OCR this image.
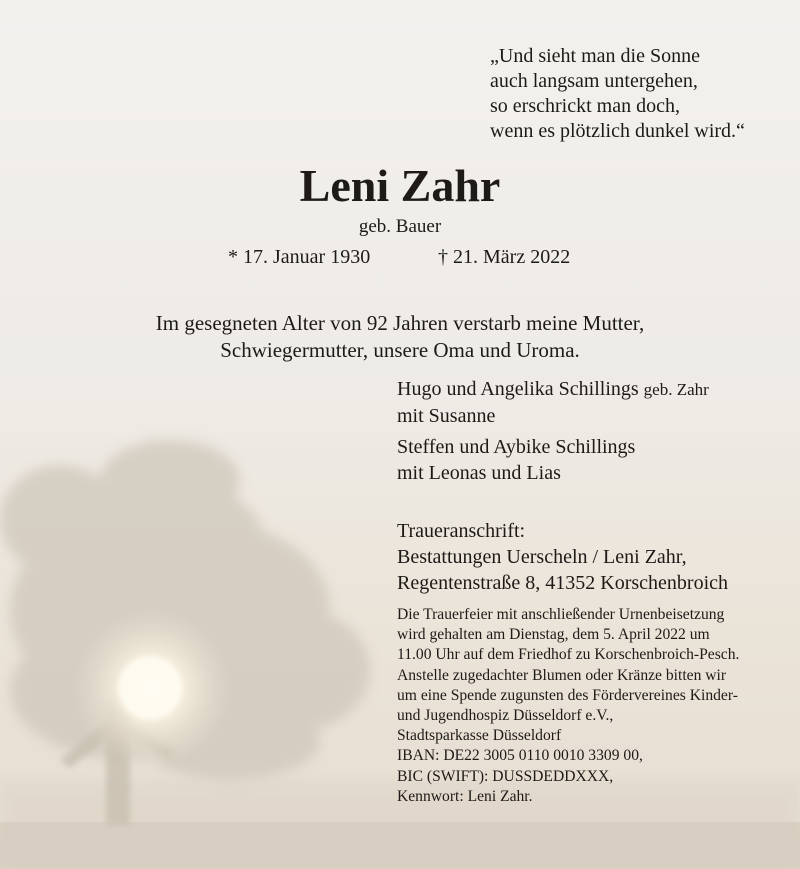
„Und sieht man die Sonne
auch langsam untergehen,
so erschrickt man doch,
wenn es plötzlich dunkel wird.“
Leni Zahr
geb. Bauer
* 17. Januar 1930	† 21. März 2022
Im gesegneten Alter von 92 Jahren verstarb meine Mutter,
Schwiegermutter, unsere Oma und Uroma.
Hugo und Angelika Schillings geb. Zahr
mit Susanne
Steffen und Aybike Schillings
mit Leonas und Lias
Traueranschrift:
Bestattungen Uerscheln / Leni Zahr,
Regentenstraße 8, 41352 Korschenbroich
Die Trauerfeier mit anschließender Urnenbeisetzung
wird gehalten am Dienstag, dem 5. April 2022 um
11.00 Uhr auf dem Friedhof zu Korschenbroich-Pesch.
Anstelle zugedachter Blumen oder Kränze bitten wir
um eine Spende zugunsten des Fördervereines Kinder-
und Jugendhospiz Düsseldorf e.V.,
Stadtsparkasse Düsseldorf
IBAN: DE22 3005 0110 0010 3309 00,
BIC (SWIFT): DUSSDEDDXXX,
Kennwort: Leni Zahr.
